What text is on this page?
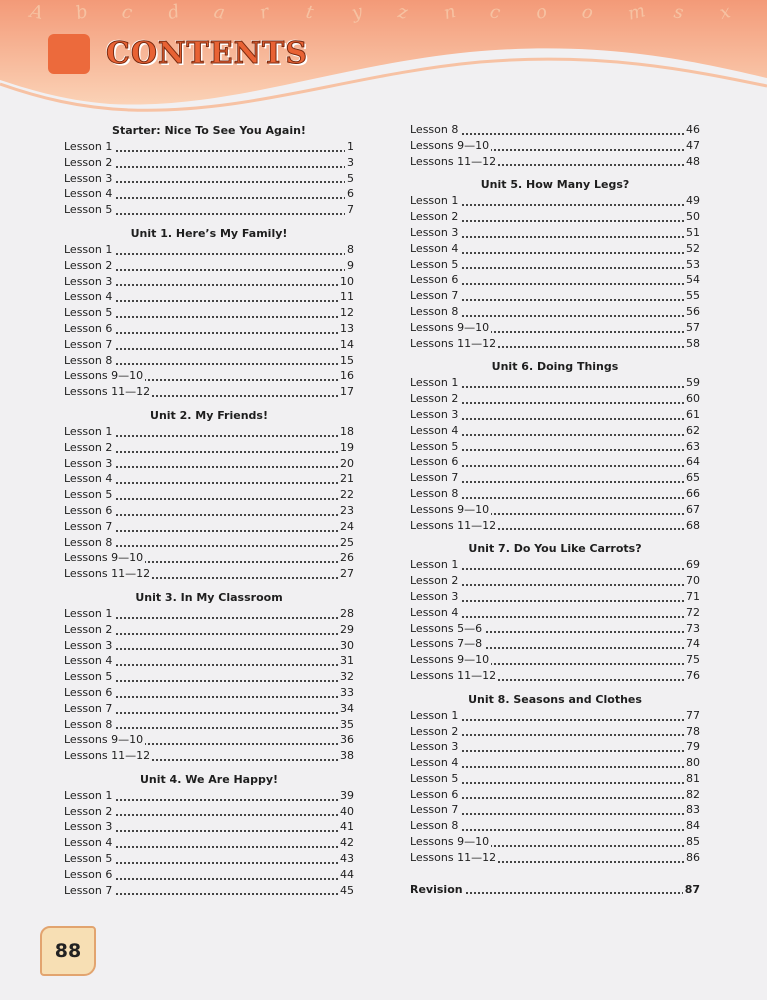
A b c d a r t y z n c o o m s x
CONTENTS
Starter: Nice To See You Again!
Lesson 1	1
Lesson 2	3
Lesson 3	5
Lesson 4	6
Lesson 5	7
Unit 1. Here’s My Family!
Lesson 1	8
Lesson 2	9
Lesson 3	10
Lesson 4	11
Lesson 5	12
Lesson 6	13
Lesson 7	14
Lesson 8	15
Lessons 9—10	16
Lessons 11—12	17
Unit 2. My Friends!
Lesson 1	18
Lesson 2	19
Lesson 3	20
Lesson 4	21
Lesson 5	22
Lesson 6	23
Lesson 7	24
Lesson 8	25
Lessons 9—10	26
Lessons 11—12	27
Unit 3. In My Classroom
Lesson 1	28
Lesson 2	29
Lesson 3	30
Lesson 4	31
Lesson 5	32
Lesson 6	33
Lesson 7	34
Lesson 8	35
Lessons 9—10	36
Lessons 11—12	38
Unit 4. We Are Happy!
Lesson 1	39
Lesson 2	40
Lesson 3	41
Lesson 4	42
Lesson 5	43
Lesson 6	44
Lesson 7	45
Lesson 8	46
Lessons 9—10	47
Lessons 11—12	48
Unit 5. How Many Legs?
Lesson 1	49
Lesson 2	50
Lesson 3	51
Lesson 4	52
Lesson 5	53
Lesson 6	54
Lesson 7	55
Lesson 8	56
Lessons 9—10	57
Lessons 11—12	58
Unit 6. Doing Things
Lesson 1	59
Lesson 2	60
Lesson 3	61
Lesson 4	62
Lesson 5	63
Lesson 6	64
Lesson 7	65
Lesson 8	66
Lessons 9—10	67
Lessons 11—12	68
Unit 7. Do You Like Carrots?
Lesson 1	69
Lesson 2	70
Lesson 3	71
Lesson 4	72
Lessons 5—6	73
Lessons 7—8	74
Lessons 9—10	75
Lessons 11—12	76
Unit 8. Seasons and Clothes
Lesson 1	77
Lesson 2	78
Lesson 3	79
Lesson 4	80
Lesson 5	81
Lesson 6	82
Lesson 7	83
Lesson 8	84
Lessons 9—10	85
Lessons 11—12	86
Revision	87
88
